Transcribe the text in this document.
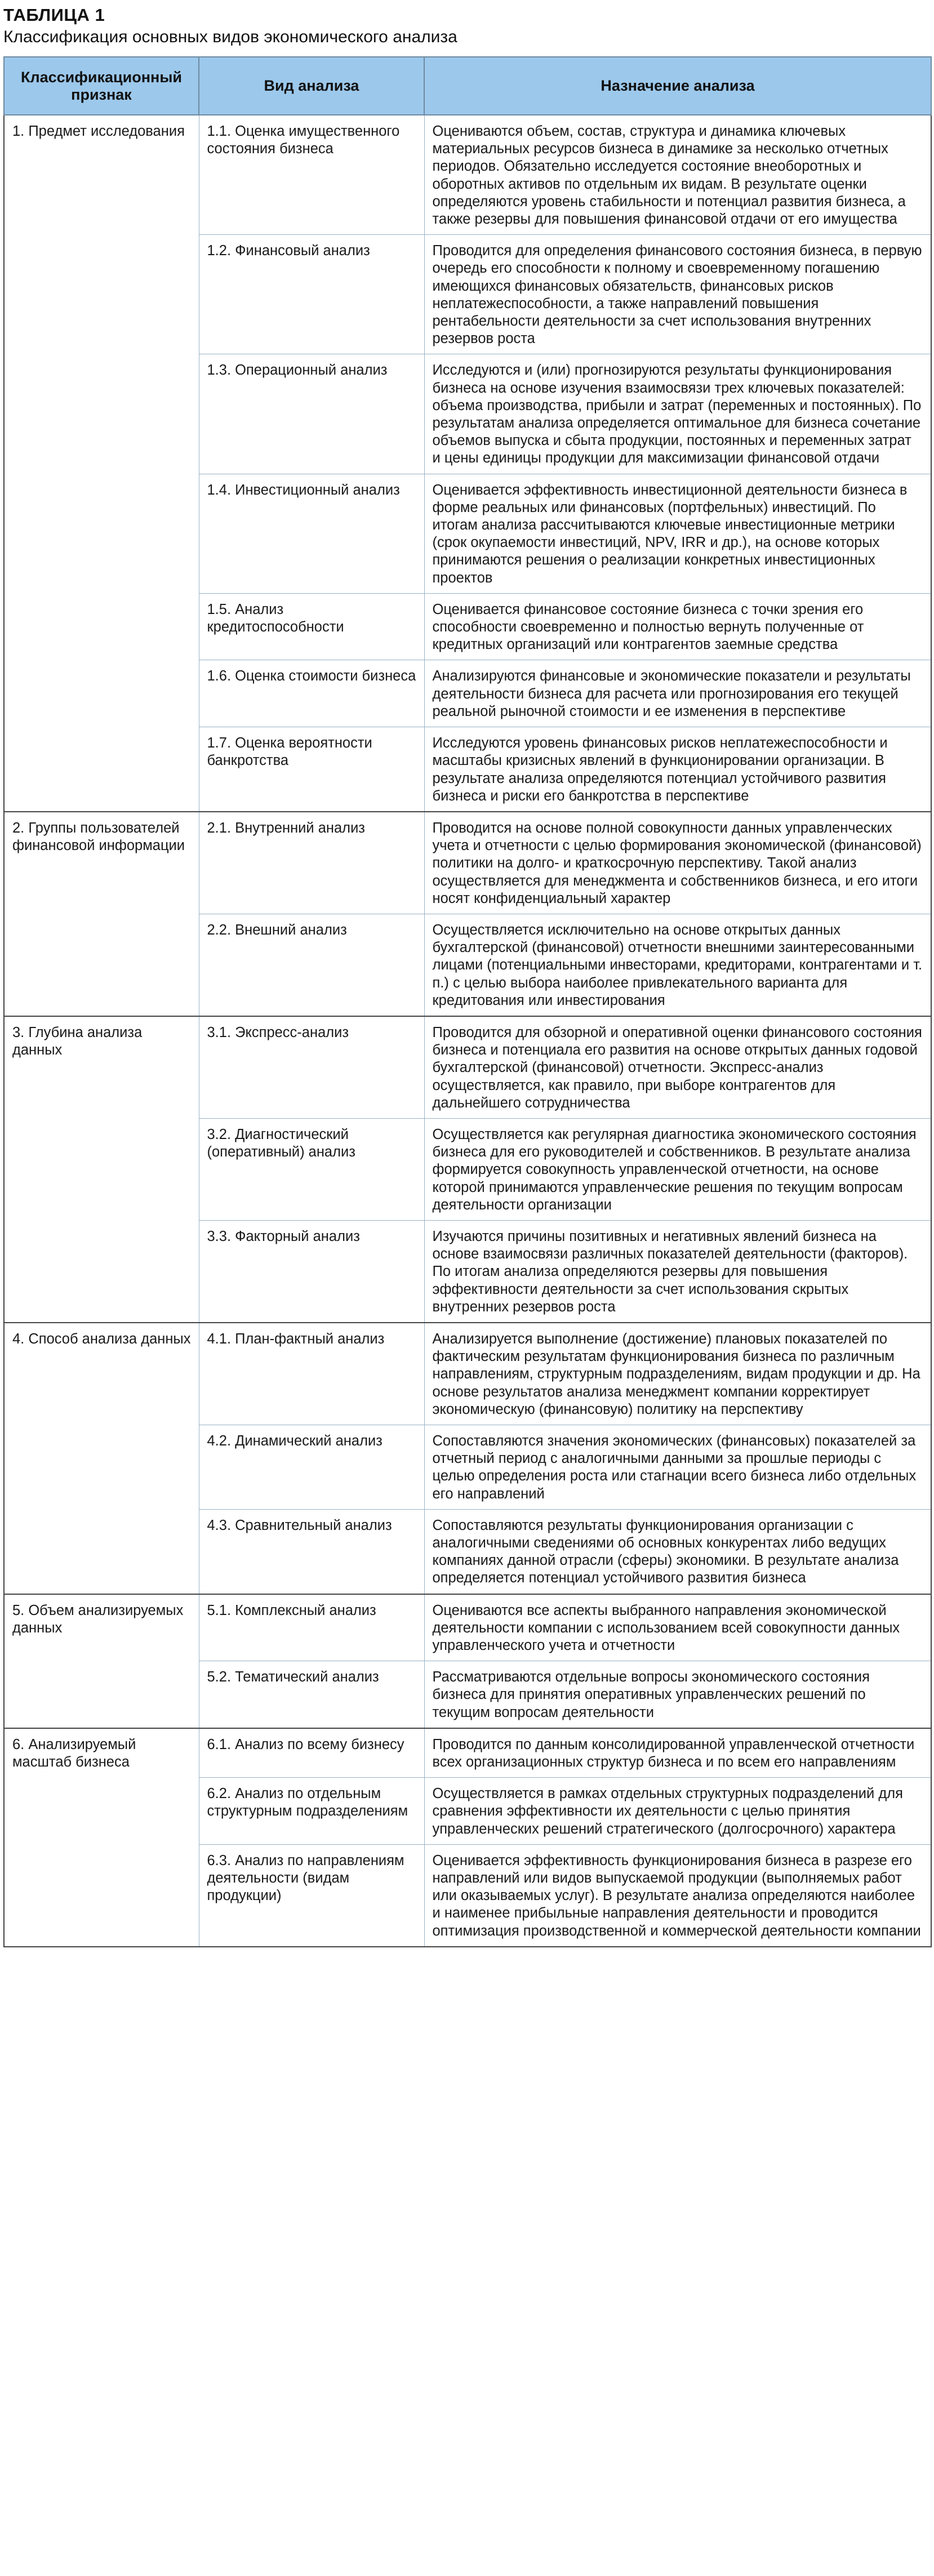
ТАБЛИЦА 1
Классификация основных видов экономического анализа
Классификационный признак	Вид анализа	Назначение анализа
1. Предмет исследования	1.1. Оценка имущественного состояния бизнеса	Оцениваются объем, состав, структура и динамика ключевых материальных ресурсов бизнеса в динамике за несколько отчетных периодов. Обязательно исследуется состояние внеоборотных и оборотных активов по отдельным их видам. В результате оценки определяются уровень стабильности и потенциал развития бизнеса, а также резервы для повышения финансовой отдачи от его имущества
	1.2. Финансовый анализ	Проводится для определения финансового состояния бизнеса, в первую очередь его способности к полному и своевременному погашению имеющихся финансовых обязательств, финансовых рисков неплатежеспособности, а также направлений повышения рентабельности деятельности за счет использования внутренних резервов роста
	1.3. Операционный анализ	Исследуются и (или) прогнозируются результаты функционирования бизнеса на основе изучения взаимосвязи трех ключевых показателей: объема производства, прибыли и затрат (переменных и постоянных). По результатам анализа определяется оптимальное для бизнеса сочетание объемов выпуска и сбыта продукции, постоянных и переменных затрат и цены единицы продукции для максимизации финансовой отдачи
	1.4. Инвестиционный анализ	Оценивается эффективность инвестиционной деятельности бизнеса в форме реальных или финансовых (портфельных) инвестиций. По итогам анализа рассчитываются ключевые инвестиционные метрики (срок окупаемости инвестиций, NPV, IRR и др.), на основе которых принимаются решения о реализации конкретных инвестиционных проектов
	1.5. Анализ кредитоспособности	Оценивается финансовое состояние бизнеса с точки зрения его способности своевременно и полностью вернуть полученные от кредитных организаций или контрагентов заемные средства
	1.6. Оценка стоимости бизнеса	Анализируются финансовые и экономические показатели и результаты деятельности бизнеса для расчета или прогнозирования его текущей реальной рыночной стоимости и ее изменения в перспективе
	1.7. Оценка вероятности банкротства	Исследуются уровень финансовых рисков неплатежеспособности и масштабы кризисных явлений в функционировании организации. В результате анализа определяются потенциал устойчивого развития бизнеса и риски его банкротства в перспективе
2. Группы пользователей финансовой информации	2.1. Внутренний анализ	Проводится на основе полной совокупности данных управленческих учета и отчетности с целью формирования экономической (финансовой) политики на долго- и краткосрочную перспективу. Такой анализ осуществляется для менеджмента и собственников бизнеса, и его итоги носят конфиденциальный характер
	2.2. Внешний анализ	Осуществляется исключительно на основе открытых данных бухгалтерской (финансовой) отчетности внешними заинтересованными лицами (потенциальными инвесторами, кредиторами, контрагентами и т. п.) с целью выбора наиболее привлекательного варианта для кредитования или инвестирования
3. Глубина анализа данных	3.1. Экспресс-анализ	Проводится для обзорной и оперативной оценки финансового состояния бизнеса и потенциала его развития на основе открытых данных годовой бухгалтерской (финансовой) отчетности. Экспресс-анализ осуществляется, как правило, при выборе контрагентов для дальнейшего сотрудничества
	3.2. Диагностический (оперативный) анализ	Осуществляется как регулярная диагностика экономического состояния бизнеса для его руководителей и собственников. В результате анализа формируется совокупность управленческой отчетности, на основе которой принимаются управленческие решения по текущим вопросам деятельности организации
	3.3. Факторный анализ	Изучаются причины позитивных и негативных явлений бизнеса на основе взаимосвязи различных показателей деятельности (факторов). По итогам анализа определяются резервы для повышения эффективности деятельности за счет использования скрытых внутренних резервов роста
4. Способ анализа данных	4.1. План-фактный анализ	Анализируется выполнение (достижение) плановых показателей по фактическим результатам функционирования бизнеса по различным направлениям, структурным подразделениям, видам продукции и др. На основе результатов анализа менеджмент компании корректирует экономическую (финансовую) политику на перспективу
	4.2. Динамический анализ	Сопоставляются значения экономических (финансовых) показателей за отчетный период с аналогичными данными за прошлые периоды с целью определения роста или стагнации всего бизнеса либо отдельных его направлений
	4.3. Сравнительный анализ	Сопоставляются результаты функционирования организации с аналогичными сведениями об основных конкурентах либо ведущих компаниях данной отрасли (сферы) экономики. В результате анализа определяется потенциал устойчивого развития бизнеса
5. Объем анализируемых данных	5.1. Комплексный анализ	Оцениваются все аспекты выбранного направления экономической деятельности компании с использованием всей совокупности данных управленческого учета и отчетности
	5.2. Тематический анализ	Рассматриваются отдельные вопросы экономического состояния бизнеса для принятия оперативных управленческих решений по текущим вопросам деятельности
6. Анализируемый масштаб бизнеса	6.1. Анализ по всему бизнесу	Проводится по данным консолидированной управленческой отчетности всех организационных структур бизнеса и по всем его направлениям
	6.2. Анализ по отдельным структурным подразделениям	Осуществляется в рамках отдельных структурных подразделений для сравнения эффективности их деятельности с целью принятия управленческих решений стратегического (долгосрочного) характера
	6.3. Анализ по направлениям деятельности (видам продукции)	Оценивается эффективность функционирования бизнеса в разрезе его направлений или видов выпускаемой продукции (выполняемых работ или оказываемых услуг). В результате анализа определяются наиболее и наименее прибыльные направления деятельности и проводится оптимизация производственной и коммерческой деятельности компании
